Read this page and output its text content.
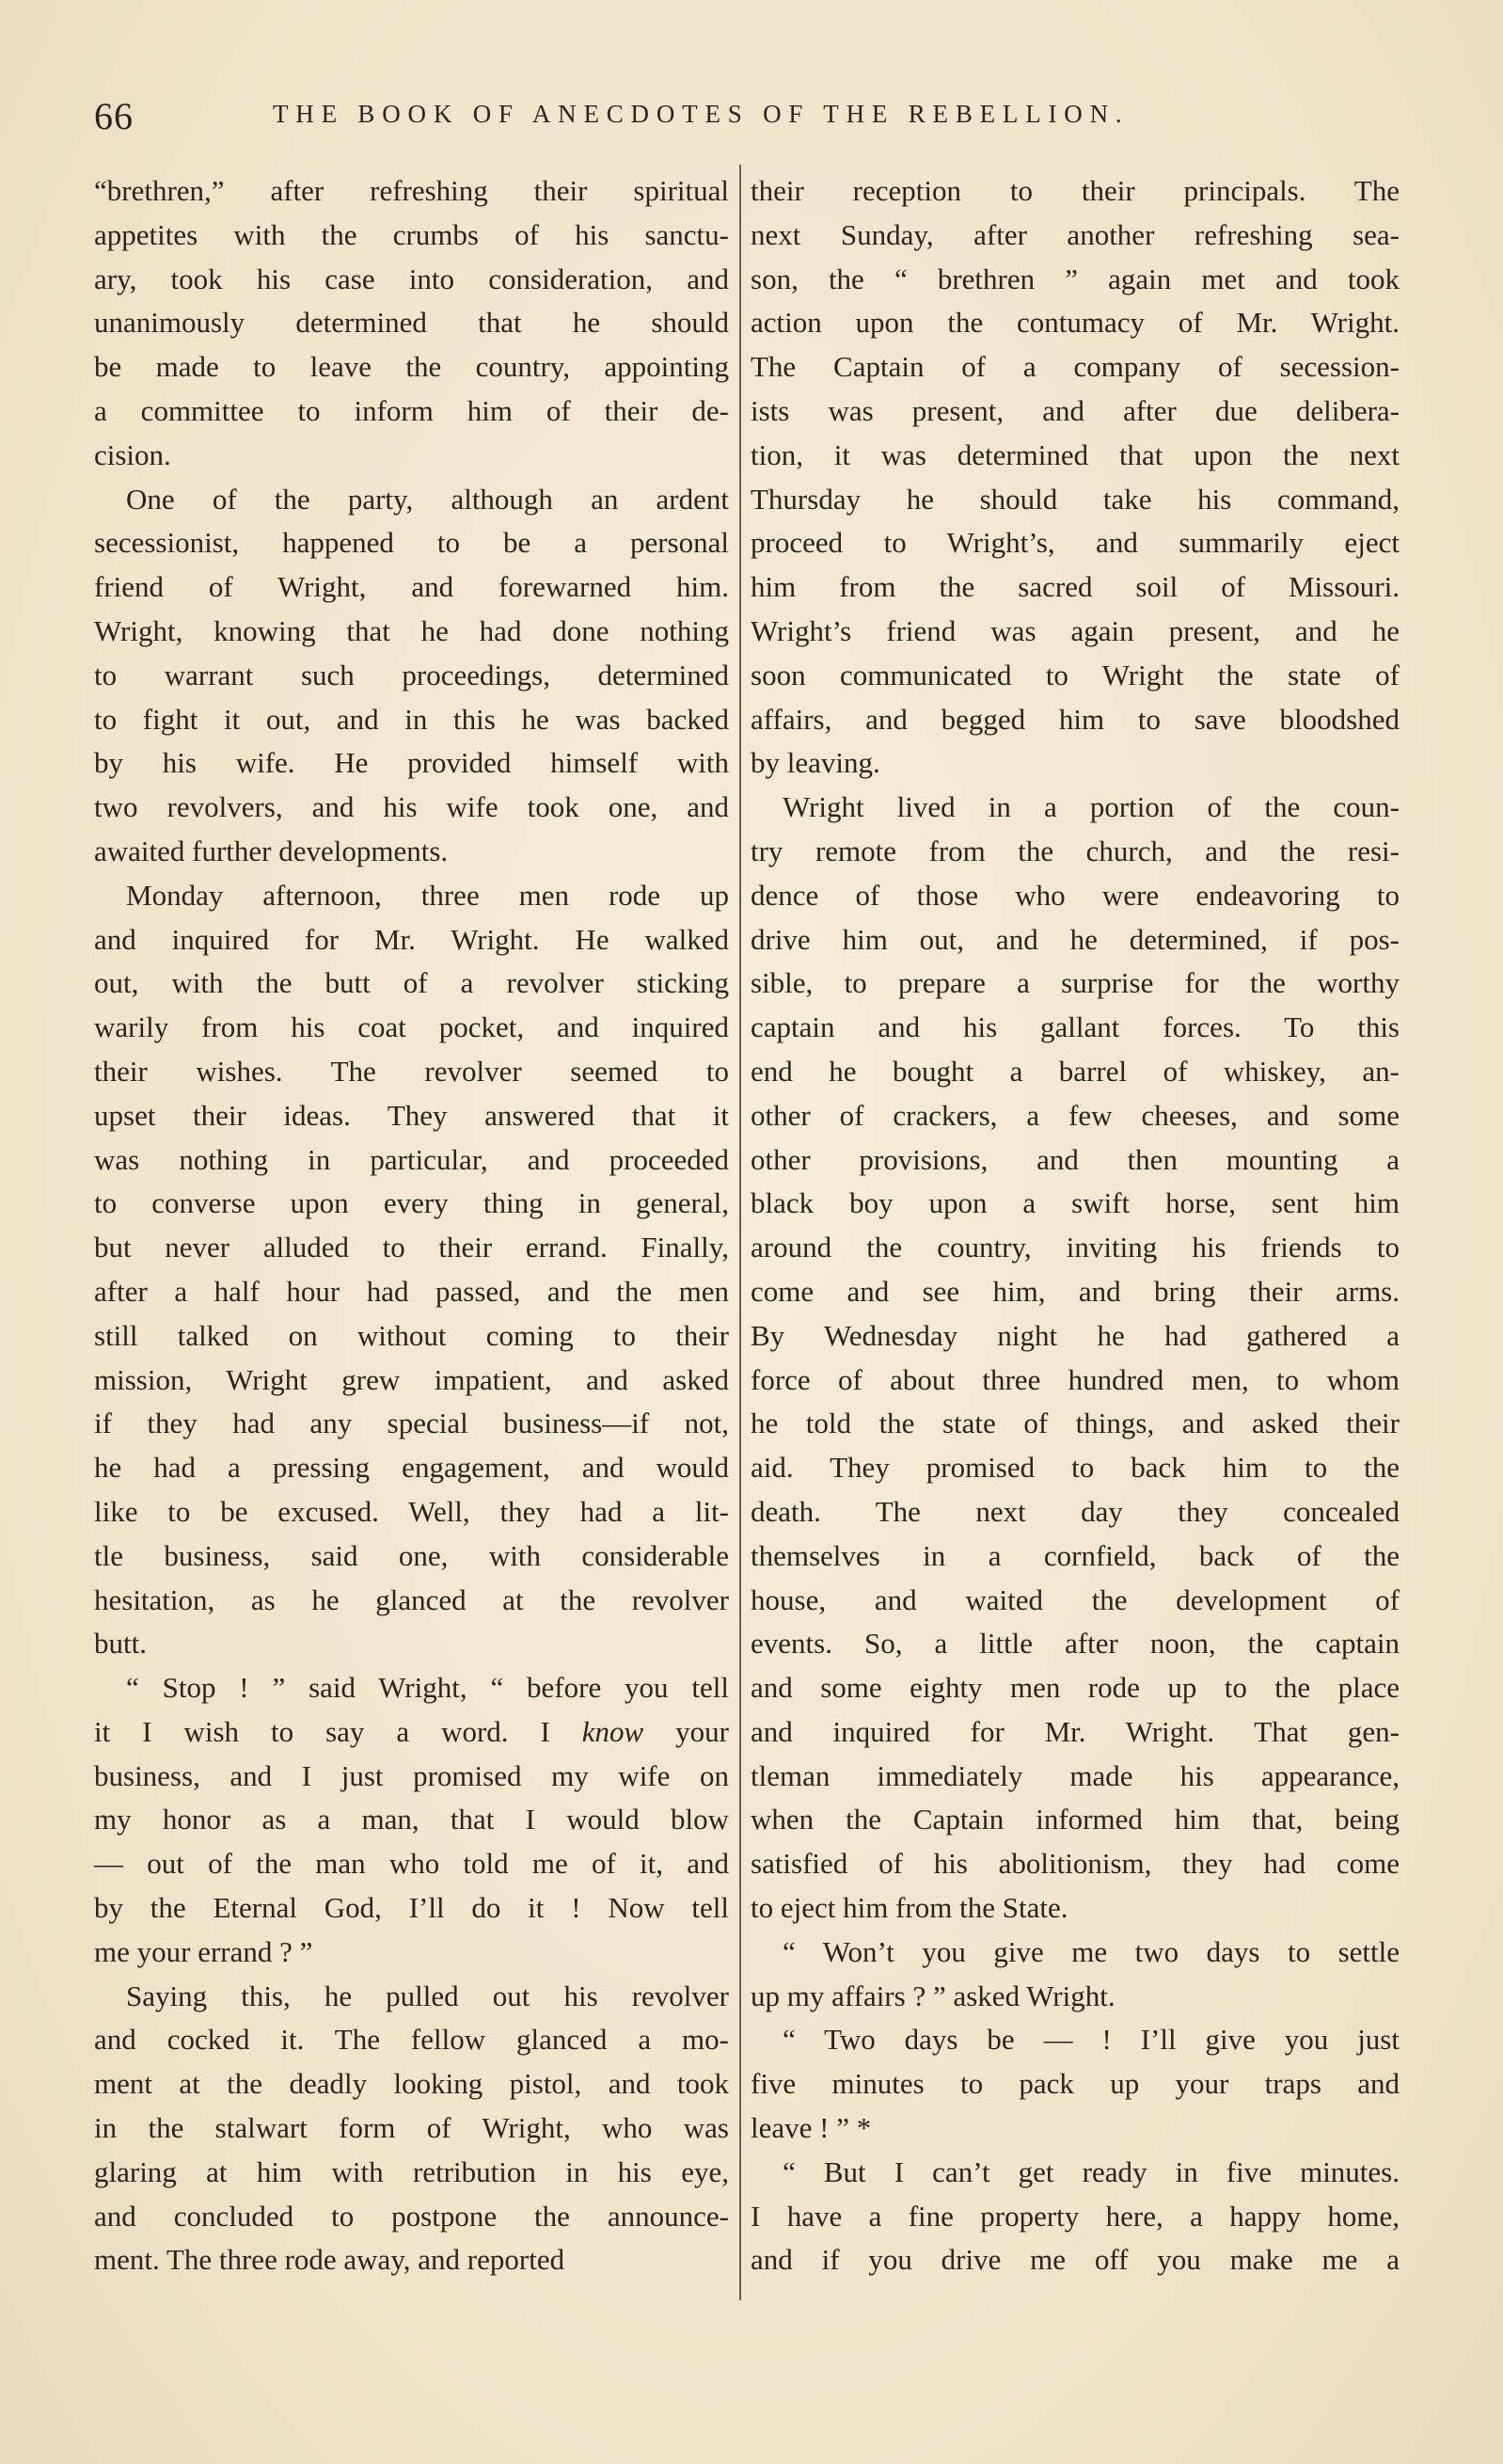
66	THE BOOK OF ANECDOTES OF THE REBELLION.
“brethren,” after refreshing their spiritual
appetites with the crumbs of his sanctu-
ary, took his case into consideration, and
unanimously determined that he should
be made to leave the country, appointing
a committee to inform him of their de-
cision.
One of the party, although an ardent
secessionist, happened to be a personal
friend of Wright, and forewarned him.
Wright, knowing that he had done nothing
to warrant such proceedings, determined
to fight it out, and in this he was backed
by his wife. He provided himself with
two revolvers, and his wife took one, and
awaited further developments.
Monday afternoon, three men rode up
and inquired for Mr. Wright. He walked
out, with the butt of a revolver sticking
warily from his coat pocket, and inquired
their wishes. The revolver seemed to
upset their ideas. They answered that it
was nothing in particular, and proceeded
to converse upon every thing in general,
but never alluded to their errand. Finally,
after a half hour had passed, and the men
still talked on without coming to their
mission, Wright grew impatient, and asked
if they had any special business—if not,
he had a pressing engagement, and would
like to be excused. Well, they had a lit-
tle business, said one, with considerable
hesitation, as he glanced at the revolver
butt.
“ Stop ! ” said Wright, “ before you tell
it I wish to say a word. I know your
business, and I just promised my wife on
my honor as a man, that I would blow
— out of the man who told me of it, and
by the Eternal God, I’ll do it ! Now tell
me your errand ? ”
Saying this, he pulled out his revolver
and cocked it. The fellow glanced a mo-
ment at the deadly looking pistol, and took
in the stalwart form of Wright, who was
glaring at him with retribution in his eye,
and concluded to postpone the announce-
ment. The three rode away, and reported
their reception to their principals. The
next Sunday, after another refreshing sea-
son, the “ brethren ” again met and took
action upon the contumacy of Mr. Wright.
The Captain of a company of secession-
ists was present, and after due delibera-
tion, it was determined that upon the next
Thursday he should take his command,
proceed to Wright’s, and summarily eject
him from the sacred soil of Missouri.
Wright’s friend was again present, and he
soon communicated to Wright the state of
affairs, and begged him to save bloodshed
by leaving.
Wright lived in a portion of the coun-
try remote from the church, and the resi-
dence of those who were endeavoring to
drive him out, and he determined, if pos-
sible, to prepare a surprise for the worthy
captain and his gallant forces. To this
end he bought a barrel of whiskey, an-
other of crackers, a few cheeses, and some
other provisions, and then mounting a
black boy upon a swift horse, sent him
around the country, inviting his friends to
come and see him, and bring their arms.
By Wednesday night he had gathered a
force of about three hundred men, to whom
he told the state of things, and asked their
aid. They promised to back him to the
death. The next day they concealed
themselves in a cornfield, back of the
house, and waited the development of
events. So, a little after noon, the captain
and some eighty men rode up to the place
and inquired for Mr. Wright. That gen-
tleman immediately made his appearance,
when the Captain informed him that, being
satisfied of his abolitionism, they had come
to eject him from the State.
“ Won’t you give me two days to settle
up my affairs ? ” asked Wright.
“ Two days be — ! I’ll give you just
five minutes to pack up your traps and
leave ! ” *
“ But I can’t get ready in five minutes.
I have a fine property here, a happy home,
and if you drive me off you make me a
